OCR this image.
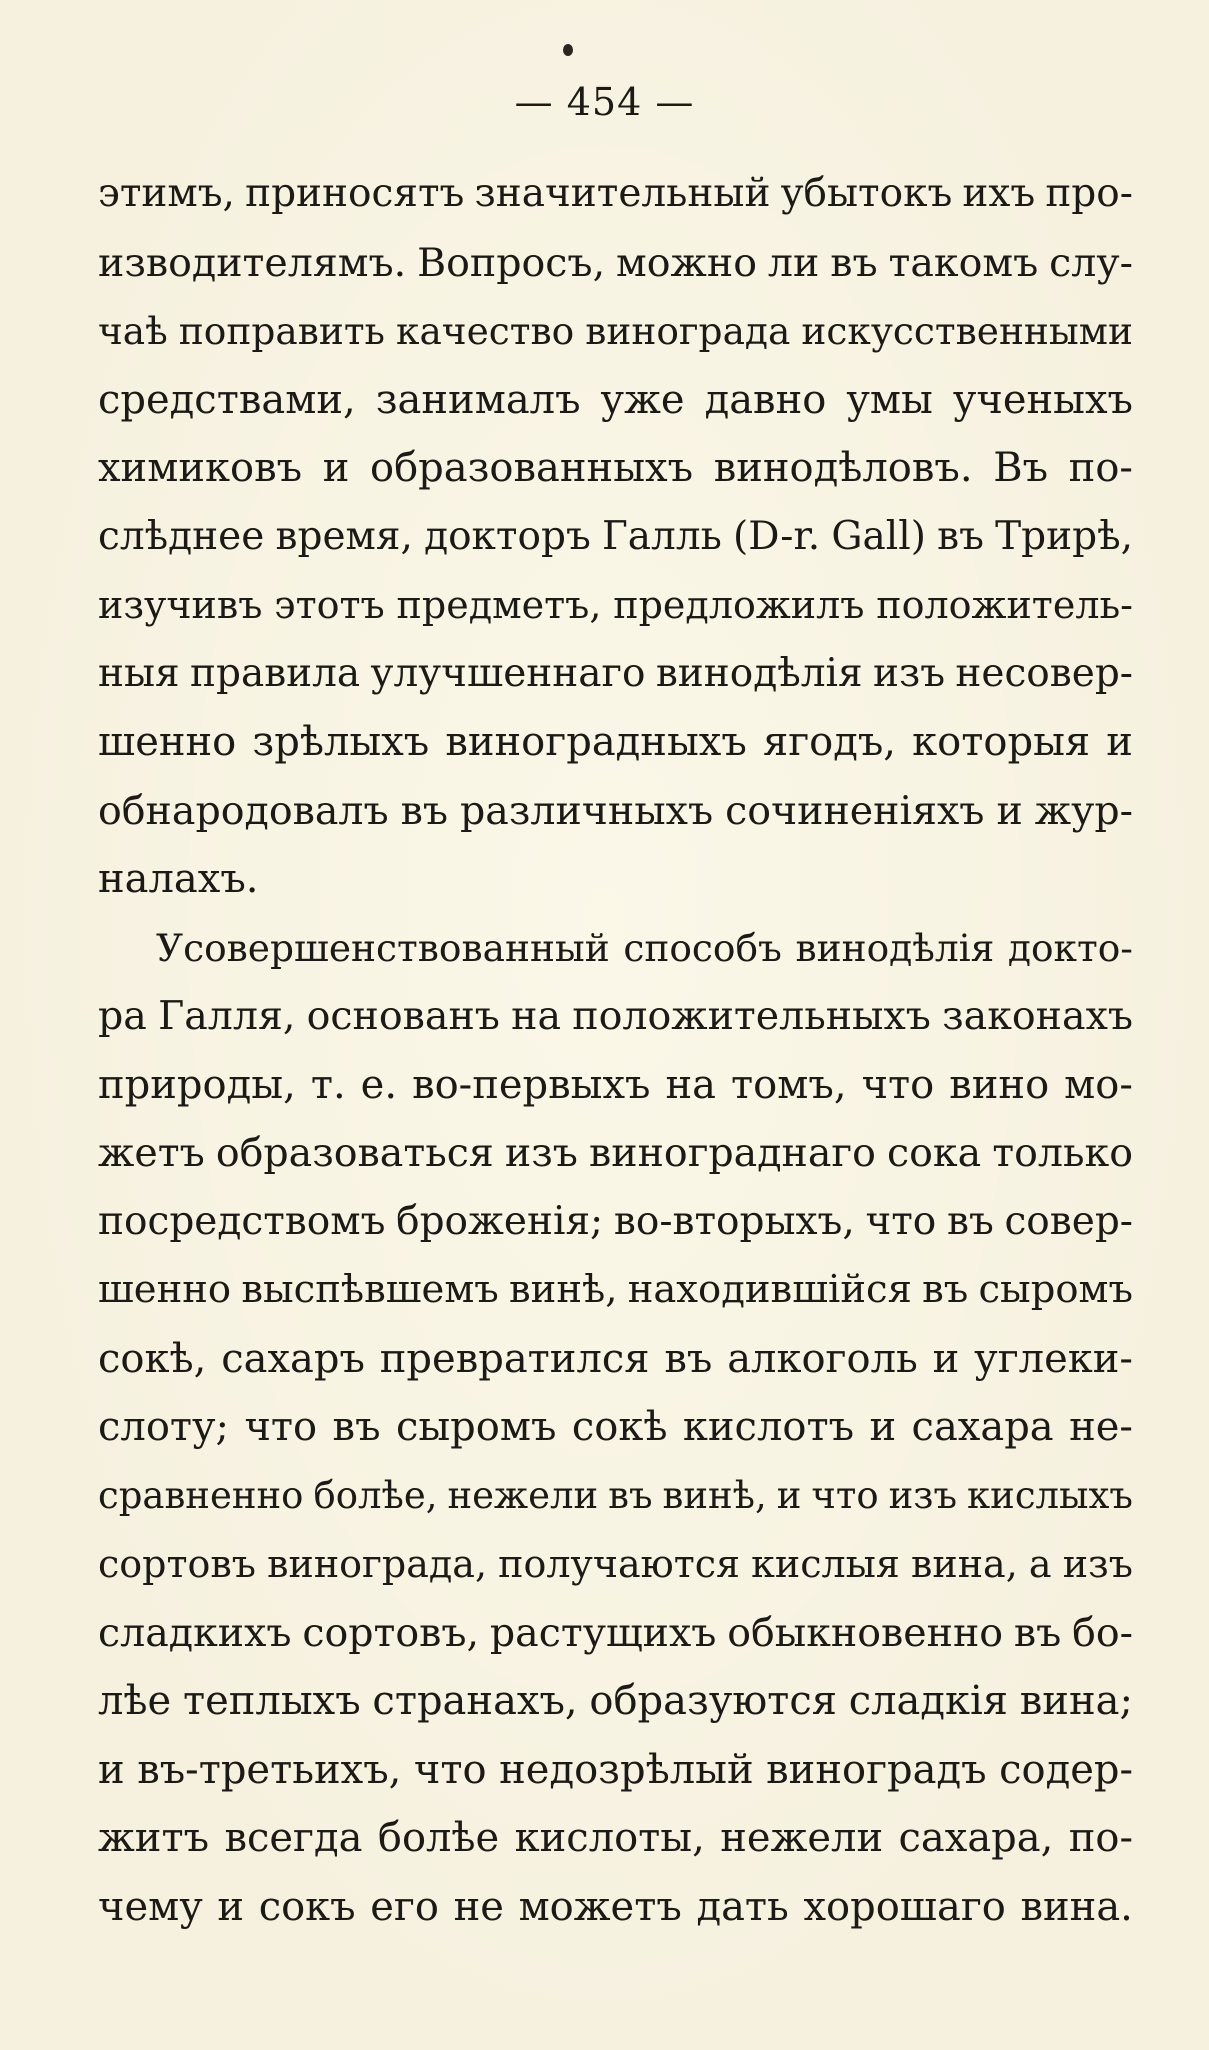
— 454 —
этимъ, приносятъ значительный убытокъ ихъ про-
изводителямъ. Вопросъ, можно ли въ такомъ слу-
чаѣ поправить качество винограда искусственными
средствами, занималъ уже давно умы ученыхъ
химиковъ и образованныхъ винодѣловъ. Въ по-
слѣднее время, докторъ Галль (D-r. Gall) въ Трирѣ,
изучивъ этотъ предметъ, предложилъ положитель-
ныя правила улучшеннаго винодѣлія изъ несовер-
шенно зрѣлыхъ виноградныхъ ягодъ, которыя и
обнародовалъ въ различныхъ сочиненіяхъ и жур-
налахъ.
Усовершенствованный способъ винодѣлія докто-
ра Галля, основанъ на положительныхъ законахъ
природы, т. е. во-первыхъ на томъ, что вино мо-
жетъ образоваться изъ винограднаго сока только
посредствомъ броженія; во-вторыхъ, что въ совер-
шенно выспѣвшемъ винѣ, находившійся въ сыромъ
сокѣ, сахаръ превратился въ алкоголь и углеки-
слоту; что въ сыромъ сокѣ кислотъ и сахара не-
сравненно болѣе, нежели въ винѣ, и что изъ кислыхъ
сортовъ винограда, получаются кислыя вина, а изъ
сладкихъ сортовъ, растущихъ обыкновенно въ бо-
лѣе теплыхъ странахъ, образуются сладкія вина;
и въ-третьихъ, что недозрѣлый виноградъ содер-
житъ всегда болѣе кислоты, нежели сахара, по-
чему и сокъ его не можетъ дать хорошаго вина.
